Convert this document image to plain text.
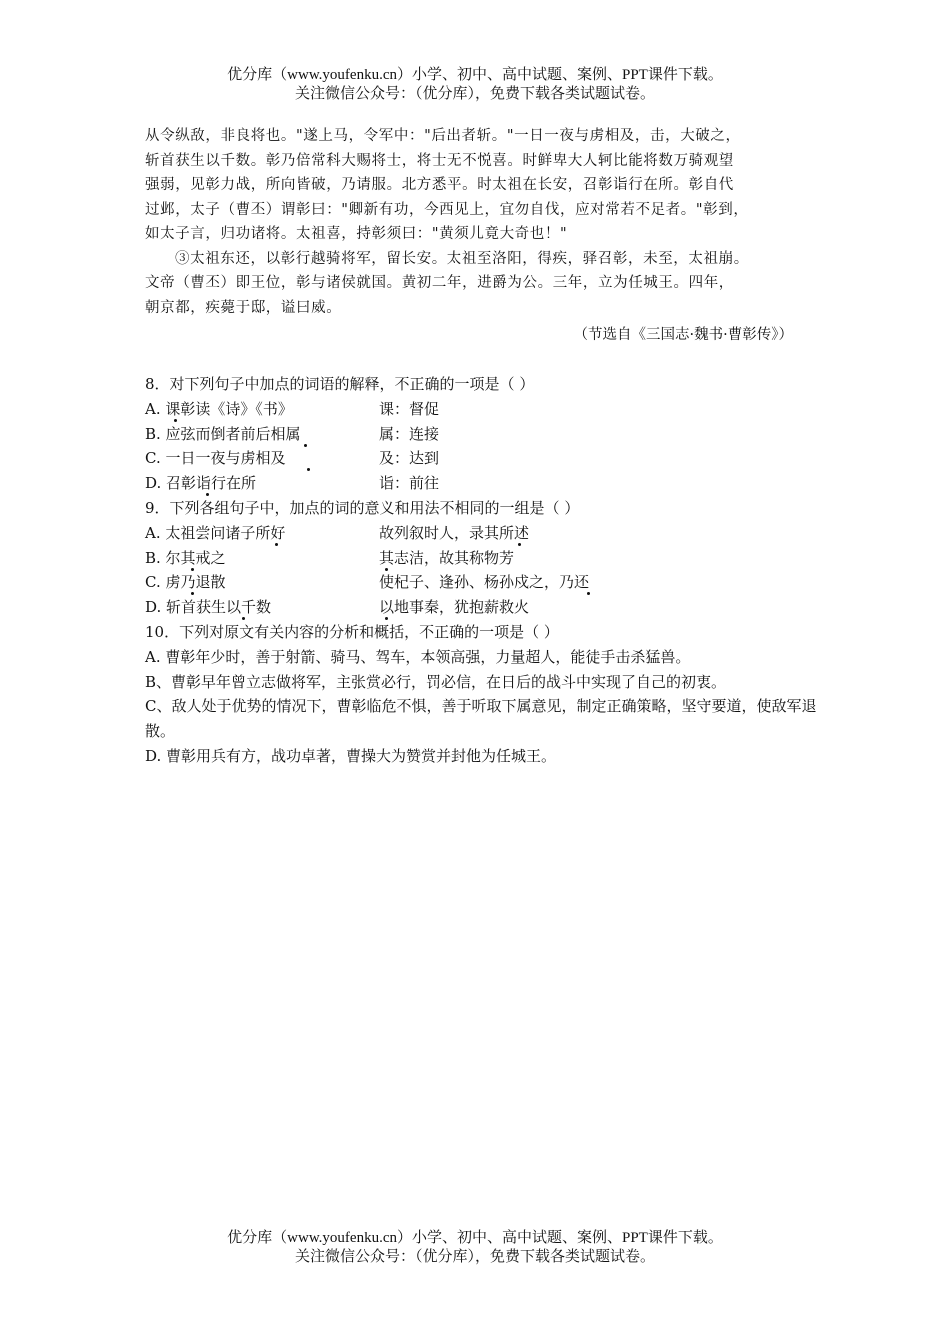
优分库（www.youfenku.cn）小学、初中、高中试题、案例、PPT课件下载。
关注微信公众号：（优分库），免费下载各类试题试卷。
从令纵敌，非良将也。"遂上马，令军中："后出者斩。"一日一夜与虏相及，击，大破之，
斩首获生以千数。彰乃倍常科大赐将士，将士无不悦喜。时鲜卑大人轲比能将数万骑观望
强弱，见彰力战，所向皆破，乃请服。北方悉平。时太祖在长安，召彰诣行在所。彰自代
过邺，太子（曹丕）谓彰曰："卿新有功，今西见上，宜勿自伐，应对常若不足者。"彰到，
如太子言，归功诸将。太祖喜，持彰须曰："黄须儿竟大奇也！"
③太祖东还，以彰行越骑将军，留长安。太祖至洛阳，得疾，驿召彰，未至，太祖崩。
文帝（曹丕）即王位，彰与诸侯就国。黄初二年，进爵为公。三年，立为任城王。四年，
朝京都，疾薨于邸，谥曰威。
（节选自《三国志·魏书·曹彰传》）
8．对下列句子中加点的词语的解释，不正确的一项是（ ）
A. 课彰读《诗》《书》	课：督促
B. 应弦而倒者前后相属	属：连接
C. 一日一夜与虏相及	及：达到
D. 召彰诣行在所	诣：前往
9．下列各组句子中，加点的词的意义和用法不相同的一组是（ ）
A. 太祖尝问诸子所好	故列叙时人，录其所述
B. 尔其戒之	其志洁，故其称物芳
C. 虏乃退散	使杞子、逢孙、杨孙戍之，乃还
D. 斩首获生以千数	以地事秦，犹抱薪救火
10．下列对原文有关内容的分析和概括，不正确的一项是（ ）
A. 曹彰年少时，善于射箭、骑马、驾车，本领高强，力量超人，能徒手击杀猛兽。
B、曹彰早年曾立志做将军，主张赏必行，罚必信，在日后的战斗中实现了自己的初衷。
C、敌人处于优势的情况下，曹彰临危不惧，善于听取下属意见，制定正确策略，坚守要道，使敌军退散。
D. 曹彰用兵有方，战功卓著，曹操大为赞赏并封他为任城王。
优分库（www.youfenku.cn）小学、初中、高中试题、案例、PPT课件下载。
关注微信公众号：（优分库），免费下载各类试题试卷。
